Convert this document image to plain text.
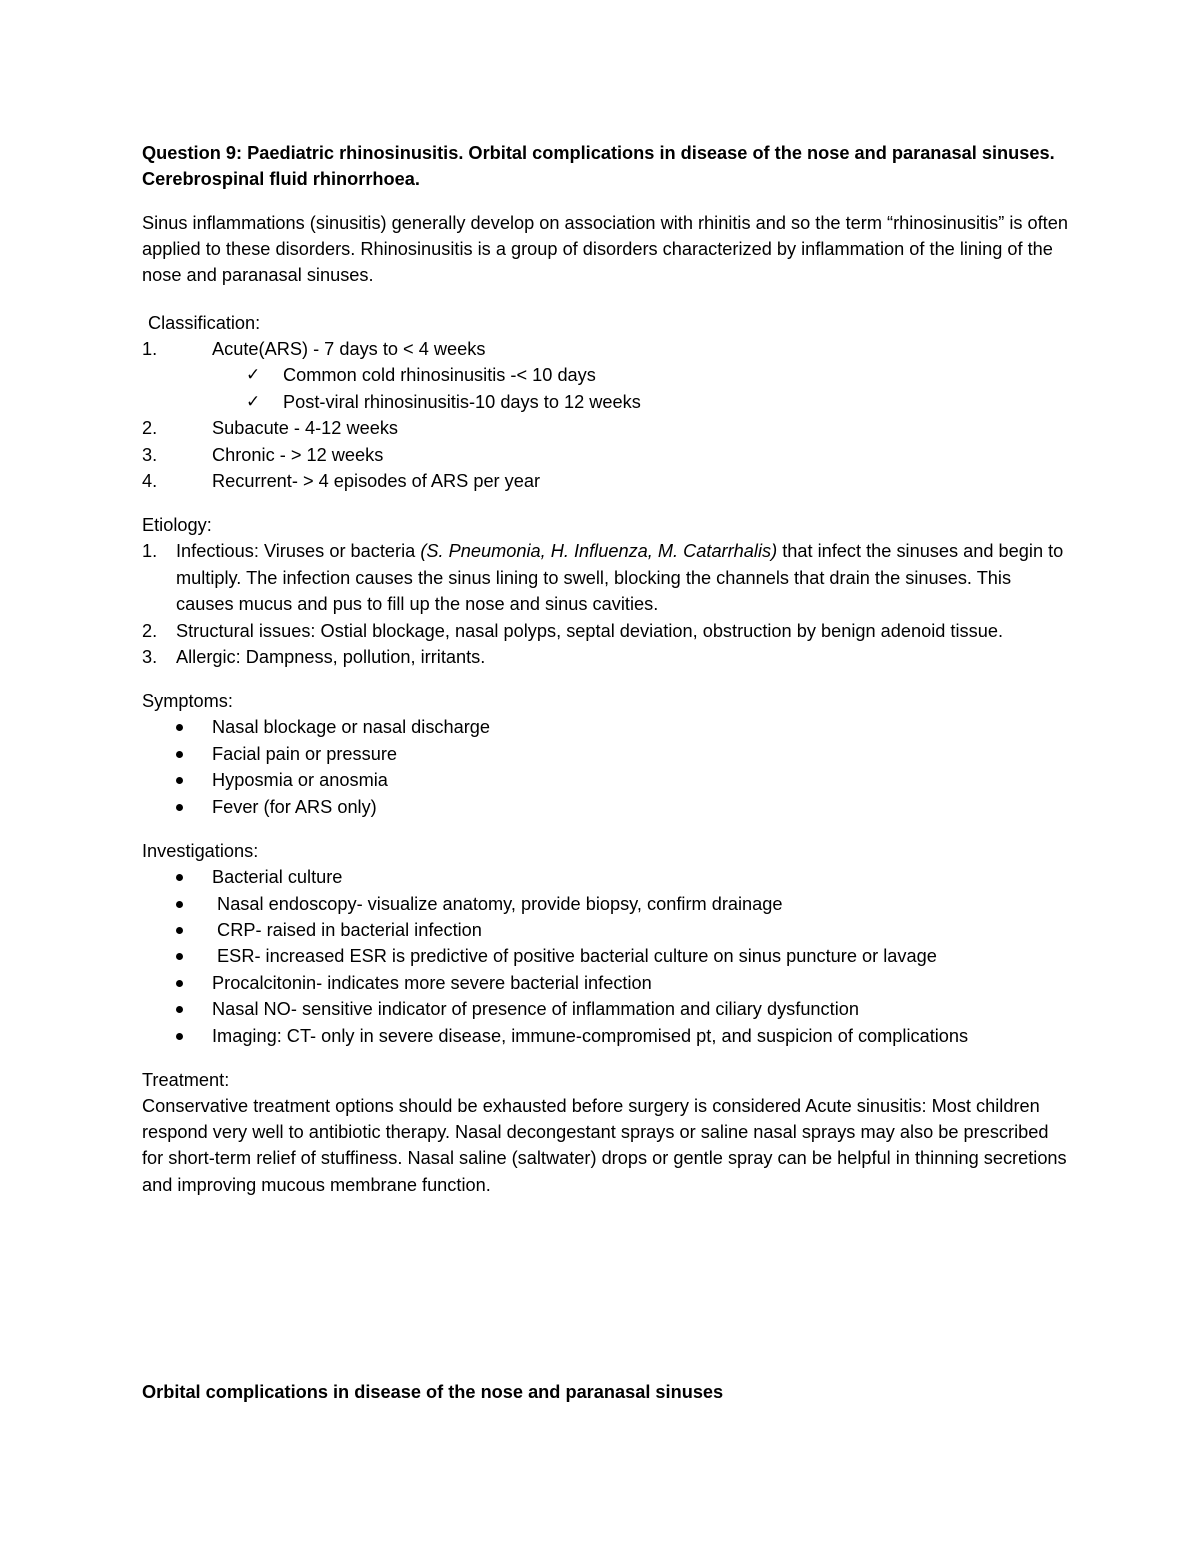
Question 9: Paediatric rhinosinusitis. Orbital complications in disease of the nose and paranasal sinuses. Cerebrospinal fluid rhinorrhoea.

Sinus inflammations (sinusitis) generally develop on association with rhinitis and so the term “rhinosinusitis” is often applied to these disorders. Rhinosinusitis is a group of disorders characterized by inflammation of the lining of the nose and paranasal sinuses.

Classification:

1.	Acute(ARS) - 7 days to < 4 weeks
✓ Common cold rhinosinusitis -< 10 days
✓ Post-viral rhinosinusitis-10 days to 12 weeks
2.	Subacute - 4-12 weeks
3.	Chronic - > 12 weeks
4.	Recurrent- > 4 episodes of ARS per year

Etiology:

1. Infectious: Viruses or bacteria (S. Pneumonia, H. Influenza, M. Catarrhalis) that infect the sinuses and begin to multiply. The infection causes the sinus lining to swell, blocking the channels that drain the sinuses. This causes mucus and pus to fill up the nose and sinus cavities.
2. Structural issues: Ostial blockage, nasal polyps, septal deviation, obstruction by benign adenoid tissue.
3. Allergic: Dampness, pollution, irritants.

Symptoms:

Nasal blockage or nasal discharge
Facial pain or pressure
Hyposmia or anosmia
Fever (for ARS only)

Investigations:

Bacterial culture
Nasal endoscopy- visualize anatomy, provide biopsy, confirm drainage
CRP- raised in bacterial infection
ESR- increased ESR is predictive of positive bacterial culture on sinus puncture or lavage
Procalcitonin- indicates more severe bacterial infection
Nasal NO- sensitive indicator of presence of inflammation and ciliary dysfunction
Imaging: CT- only in severe disease, immune-compromised pt, and suspicion of complications

Treatment:

Conservative treatment options should be exhausted before surgery is considered Acute sinusitis: Most children respond very well to antibiotic therapy. Nasal decongestant sprays or saline nasal sprays may also be prescribed for short-term relief of stuffiness. Nasal saline (saltwater) drops or gentle spray can be helpful in thinning secretions and improving mucous membrane function.

Orbital complications in disease of the nose and paranasal sinuses
